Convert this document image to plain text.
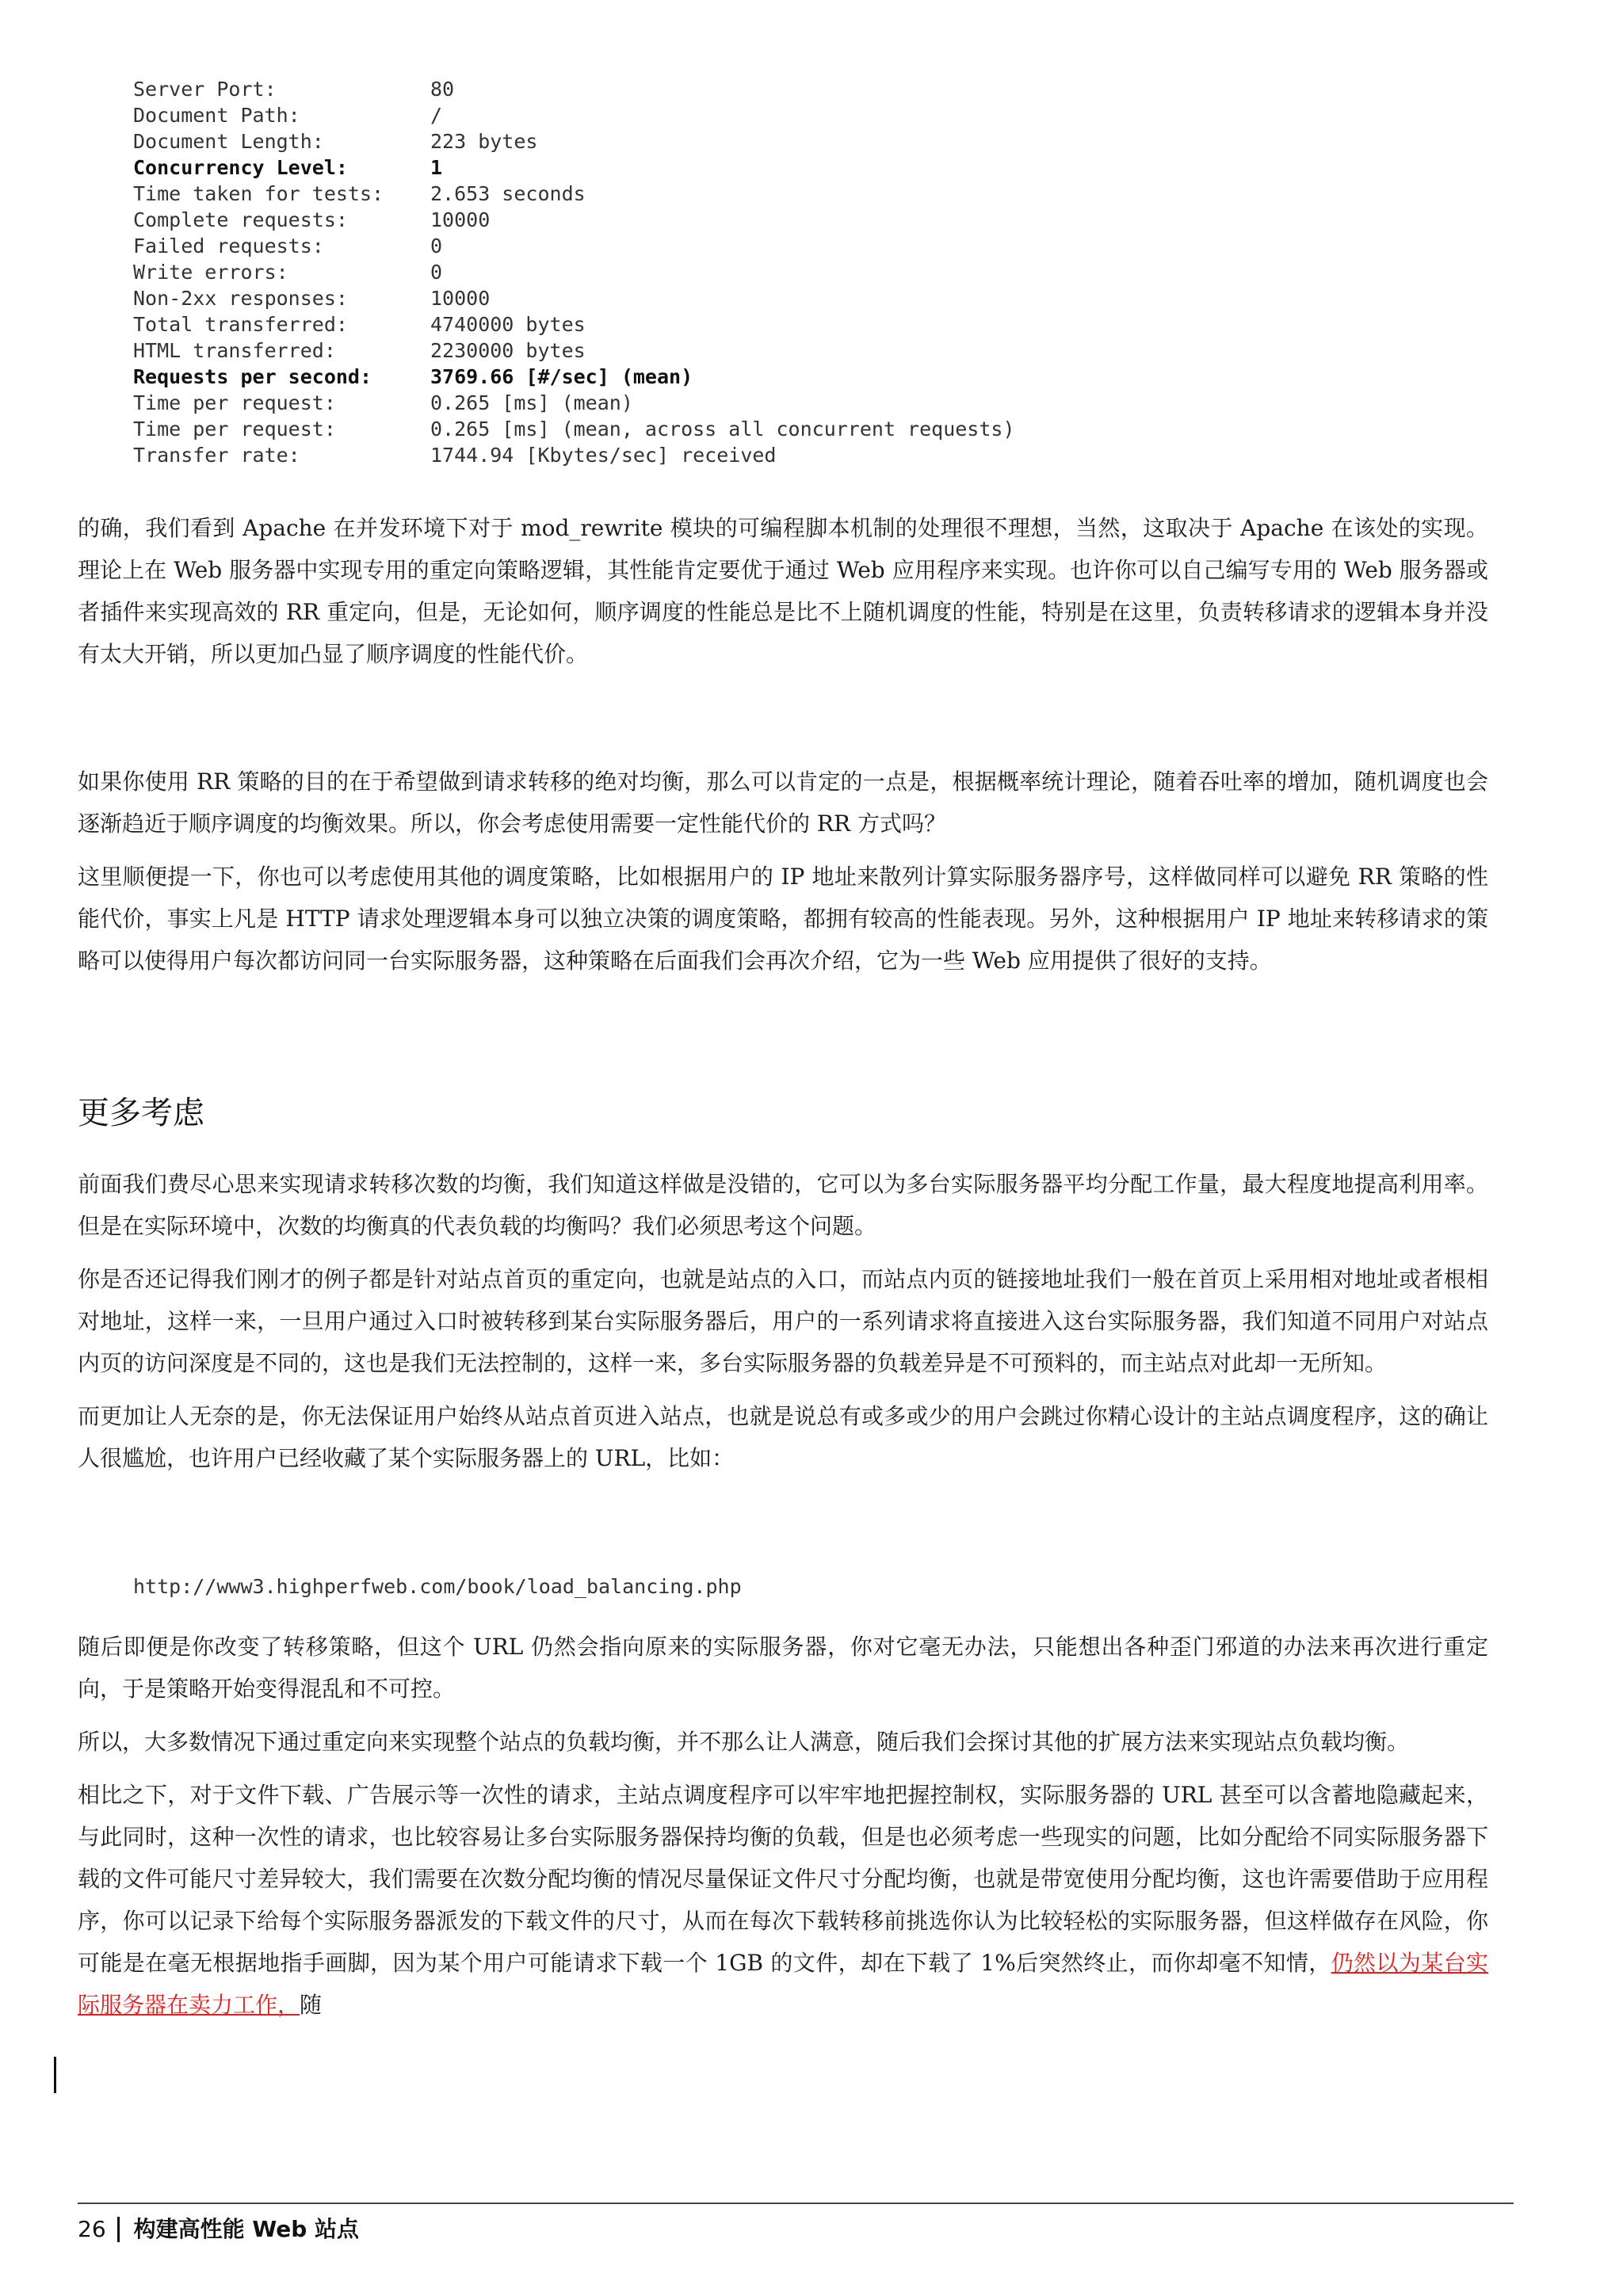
Server Port:	80
Document Path:	/
Document Length:	223 bytes
Concurrency Level:	1
Time taken for tests: 2.653 seconds
Complete requests:	10000
Failed requests:	0
Write errors:	0
Non-2xx responses:	10000
Total transferred:	4740000 bytes
HTML transferred:	2230000 bytes
Requests per second:	3769.66 [#/sec] (mean)
Time per request:	0.265 [ms] (mean)
Time per request:	0.265 [ms] (mean, across all concurrent requests)
Transfer rate:	1744.94 [Kbytes/sec] received

的确，我们看到 Apache 在并发环境下对于 mod_rewrite 模块的可编程脚本机制的处理很不理想，当然，这取决于 Apache 在该处的实现。理论上在 Web 服务器中实现专用的重定向策略逻辑，其性能肯定要优于通过 Web 应用程序来实现。也许你可以自己编写专用的 Web 服务器或者插件来实现高效的 RR 重定向，但是，无论如何，顺序调度的性能总是比不上随机调度的性能，特别是在这里，负责转移请求的逻辑本身并没有太大开销，所以更加凸显了顺序调度的性能代价。

如果你使用 RR 策略的目的在于希望做到请求转移的绝对均衡，那么可以肯定的一点是，根据概率统计理论，随着吞吐率的增加，随机调度也会逐渐趋近于顺序调度的均衡效果。所以，你会考虑使用需要一定性能代价的 RR 方式吗？

这里顺便提一下，你也可以考虑使用其他的调度策略，比如根据用户的 IP 地址来散列计算实际服务器序号，这样做同样可以避免 RR 策略的性能代价，事实上凡是 HTTP 请求处理逻辑本身可以独立决策的调度策略，都拥有较高的性能表现。另外，这种根据用户 IP 地址来转移请求的策略可以使得用户每次都访问同一台实际服务器，这种策略在后面我们会再次介绍，它为一些 Web 应用提供了很好的支持。

更多考虑

前面我们费尽心思来实现请求转移次数的均衡，我们知道这样做是没错的，它可以为多台实际服务器平均分配工作量，最大程度地提高利用率。但是在实际环境中，次数的均衡真的代表负载的均衡吗？我们必须思考这个问题。

你是否还记得我们刚才的例子都是针对站点首页的重定向，也就是站点的入口，而站点内页的链接地址我们一般在首页上采用相对地址或者根相对地址，这样一来，一旦用户通过入口时被转移到某台实际服务器后，用户的一系列请求将直接进入这台实际服务器，我们知道不同用户对站点内页的访问深度是不同的，这也是我们无法控制的，这样一来，多台实际服务器的负载差异是不可预料的，而主站点对此却一无所知。

而更加让人无奈的是，你无法保证用户始终从站点首页进入站点，也就是说总有或多或少的用户会跳过你精心设计的主站点调度程序，这的确让人很尴尬，也许用户已经收藏了某个实际服务器上的 URL，比如：

http://www3.highperfweb.com/book/load_balancing.php

随后即便是你改变了转移策略，但这个 URL 仍然会指向原来的实际服务器，你对它毫无办法，只能想出各种歪门邪道的办法来再次进行重定向，于是策略开始变得混乱和不可控。

所以，大多数情况下通过重定向来实现整个站点的负载均衡，并不那么让人满意，随后我们会探讨其他的扩展方法来实现站点负载均衡。

相比之下，对于文件下载、广告展示等一次性的请求，主站点调度程序可以牢牢地把握控制权，实际服务器的 URL 甚至可以含蓄地隐藏起来，与此同时，这种一次性的请求，也比较容易让多台实际服务器保持均衡的负载，但是也必须考虑一些现实的问题，比如分配给不同实际服务器下载的文件可能尺寸差异较大，我们需要在次数分配均衡的情况尽量保证文件尺寸分配均衡，也就是带宽使用分配均衡，这也许需要借助于应用程序，你可以记录下给每个实际服务器派发的下载文件的尺寸，从而在每次下载转移前挑选你认为比较轻松的实际服务器，但这样做存在风险，你可能是在毫无根据地指手画脚，因为某个用户可能请求下载一个 1GB 的文件，却在下载了 1%后突然终止，而你却毫不知情，仍然以为某台实际服务器在卖力工作，随

26 构建高性能 Web 站点
